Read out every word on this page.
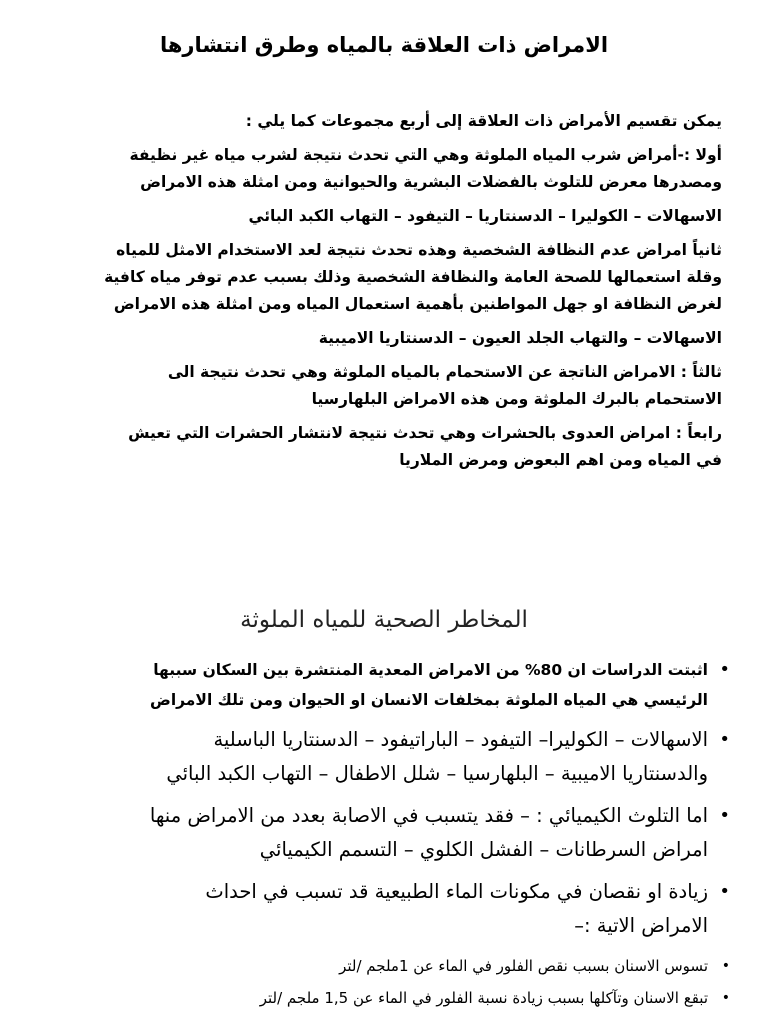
الامراض ذات العلاقة بالمياه وطرق انتشارها
يمكن تقسيم الأمراض ذات العلاقة إلى أربع مجموعات كما يلي :
أولا :-أمراض شرب المياه الملوثة وهي التي تحدث نتيجة لشرب مياه غير نظيفة
ومصدرها معرض للتلوث بالفضلات البشرية والحيوانية ومن امثلة هذه الامراض
الاسهالات – الكوليرا – الدسنتاريا – التيفود – التهاب الكبد البائي
ثانياً امراض عدم النظافة الشخصية وهذه تحدث نتيجة لعد الاستخدام الامثل للمياه
وقلة استعمالها للصحة العامة والنظافة الشخصية وذلك بسبب عدم توفر مياه كافية
لغرض النظافة او جهل المواطنين بأهمية استعمال المياه ومن امثلة هذه الامراض
الاسهالات – والتهاب الجلد العيون – الدسنتاريا الاميبية
ثالثاً : الامراض الناتجة عن الاستحمام بالمياه الملوثة وهي تحدث نتيجة الى
الاستحمام بالبرك الملوثة ومن هذه الامراض البلهارسيا
رابعاً : امراض العدوى بالحشرات وهي تحدث نتيجة لانتشار الحشرات التي تعيش
في المياه ومن اهم البعوض ومرض الملاريا
المخاطر الصحية للمياه الملوثة
•
اثبتت الدراسات ان 80% من الامراض المعدية المنتشرة بين السكان سببها
الرئيسي هي المياه الملوثة بمخلفات الانسان او الحيوان ومن تلك الامراض
•
الاسهالات – الكوليرا– التيفود – الباراتيفود – الدسنتاريا الباسلية
والدسنتاريا الاميبية – البلهارسيا – شلل الاطفال – التهاب الكبد البائي
•
اما التلوث الكيميائي : – فقد يتسبب في الاصابة بعدد من الامراض منها
امراض السرطانات – الفشل الكلوي – التسمم الكيميائي
•
زيادة او نقصان في مكونات الماء الطبيعية قد تسبب في احداث
الامراض الاتية :–
•
تسوس الاسنان بسبب نقص الفلور في الماء عن 1ملجم /لتر
•
تبقع الاسنان وتآكلها بسبب زيادة نسبة الفلور في الماء عن 1,5 ملجم /لتر
